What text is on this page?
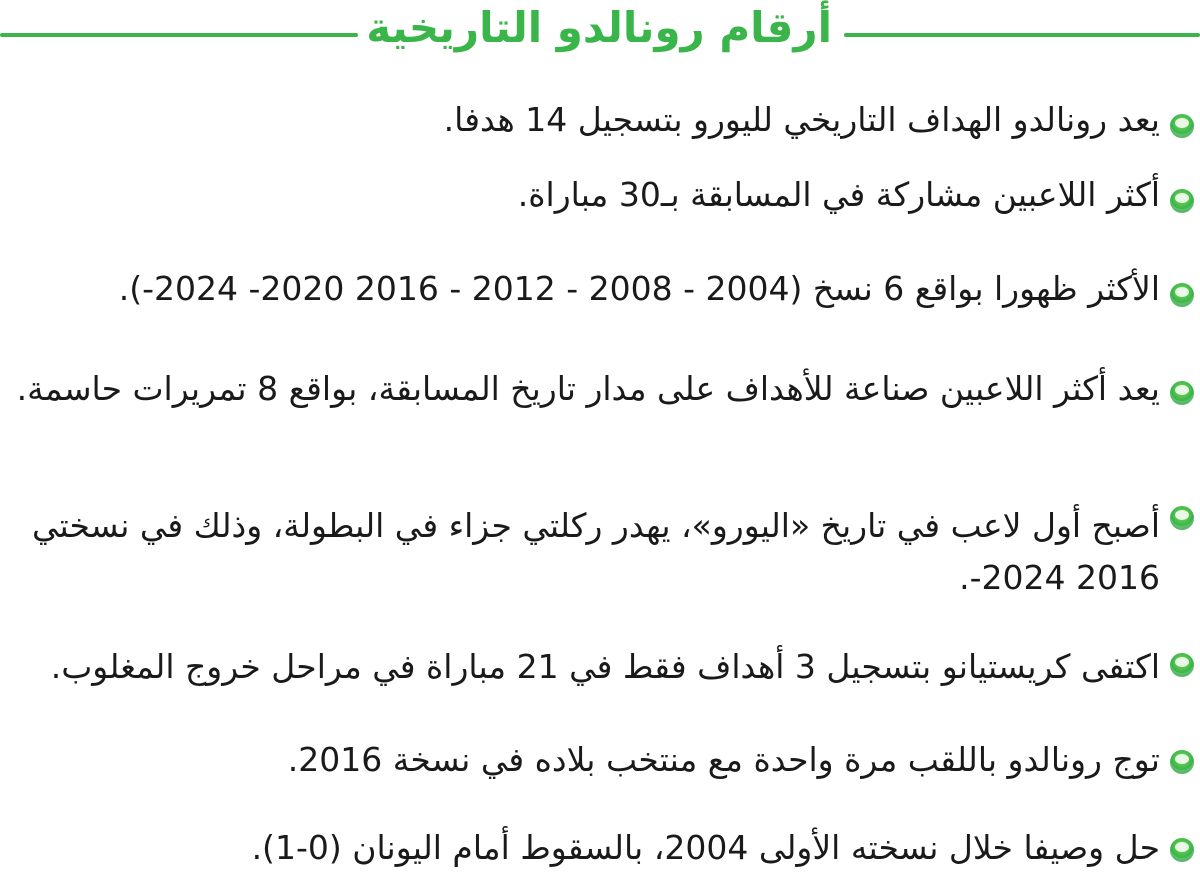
أرقام رونالدو التاريخية
يعد رونالدو الهداف التاريخي لليورو بتسجيل 14 هدفا.
أكثر اللاعبين مشاركة في المسابقة بـ30 مباراة.
الأكثر ظهورا بواقع 6 نسخ (2004 - 2008 - 2012 - 2016 2020- 2024-).
يعد أكثر اللاعبين صناعة للأهداف على مدار تاريخ المسابقة، بواقع 8 تمريرات حاسمة.
أصبح أول لاعب في تاريخ «اليورو»، يهدر ركلتي جزاء في البطولة، وذلك في نسختي 2016 2024-.
اكتفى كريستيانو بتسجيل 3 أهداف فقط في 21 مباراة في مراحل خروج المغلوب.
توج رونالدو باللقب مرة واحدة مع منتخب بلاده في نسخة 2016.
حل وصيفا خلال نسخته الأولى 2004، بالسقوط أمام اليونان (0-1).
